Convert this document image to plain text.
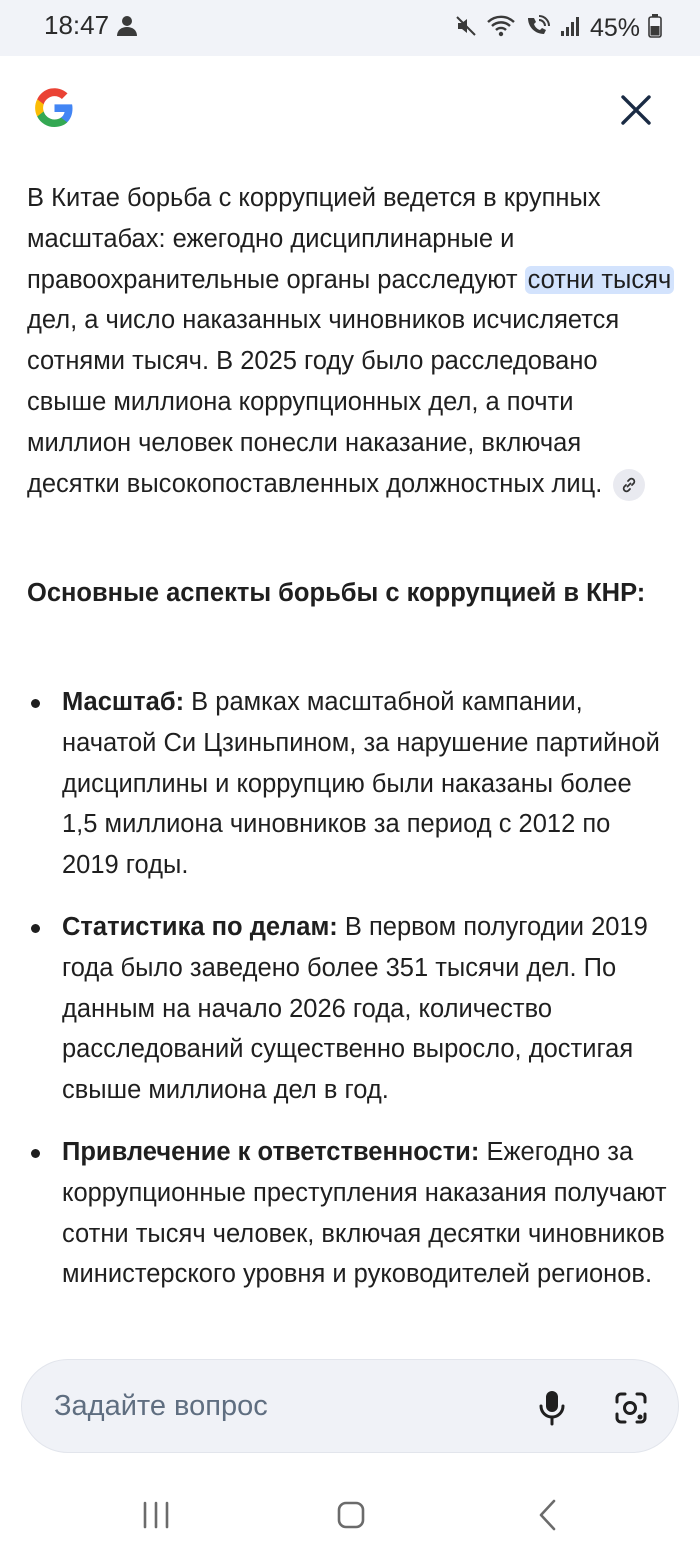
18:47	45%
В Китае борьба с коррупцией ведется в крупных масштабах: ежегодно дисциплинарные и правоохранительные органы расследуют сотни тысяч дел, а число наказанных чиновников исчисляется сотнями тысяч. В 2025 году было расследовано свыше миллиона коррупционных дел, а почти миллион человек понесли наказание, включая десятки высокопоставленных должностных лиц.
Основные аспекты борьбы с коррупцией в КНР:
Масштаб: В рамках масштабной кампании, начатой Си Цзиньпином, за нарушение партийной дисциплины и коррупцию были наказаны более 1,5 миллиона чиновников за период с 2012 по 2019 годы.
Статистика по делам: В первом полугодии 2019 года было заведено более 351 тысячи дел. По данным на начало 2026 года, количество расследований существенно выросло, достигая свыше миллиона дел в год.
Привлечение к ответственности: Ежегодно за коррупционные преступления наказания получают сотни тысяч человек, включая десятки чиновников министерского уровня и руководителей регионов.
Задайте вопрос
